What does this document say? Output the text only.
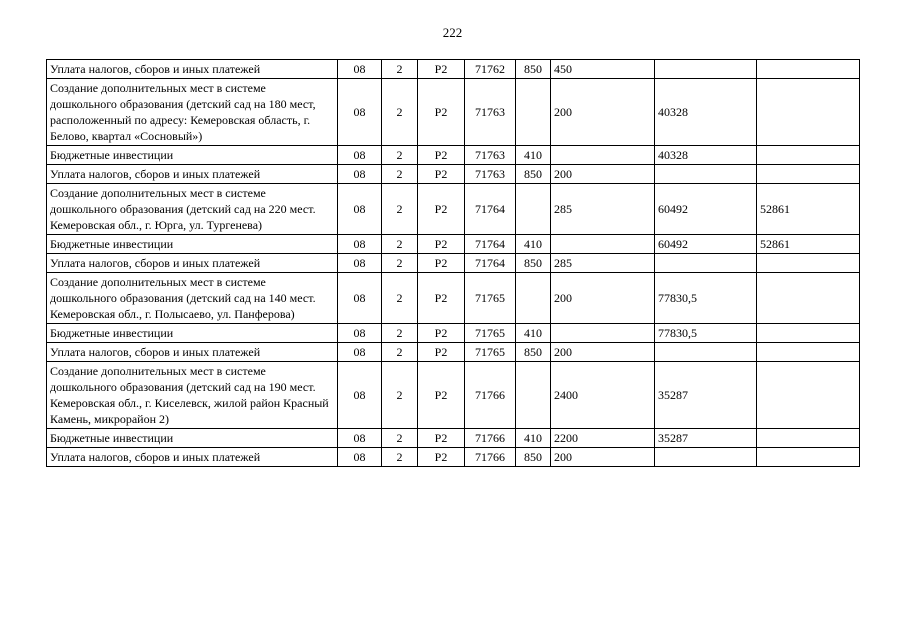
222
Уплата налогов, сборов и иных платежей	08	2	P2	71762	850	450		
Создание дополнительных мест в системе дошкольного образования (детский сад на 180 мест, расположенный по адресу: Кемеровская область, г. Белово, квартал «Сосновый»)	08	2	P2	71763		200	40328	
Бюджетные инвестиции	08	2	P2	71763	410		40328	
Уплата налогов, сборов и иных платежей	08	2	P2	71763	850	200		
Создание дополнительных мест в системе дошкольного образования (детский сад на 220 мест. Кемеровская обл., г. Юрга, ул. Тургенева)	08	2	P2	71764		285	60492	52861
Бюджетные инвестиции	08	2	P2	71764	410		60492	52861
Уплата налогов, сборов и иных платежей	08	2	P2	71764	850	285		
Создание дополнительных мест в системе дошкольного образования (детский сад на 140 мест. Кемеровская обл., г. Полысаево, ул. Панферова)	08	2	P2	71765		200	77830,5	
Бюджетные инвестиции	08	2	P2	71765	410		77830,5	
Уплата налогов, сборов и иных платежей	08	2	P2	71765	850	200		
Создание дополнительных мест в системе дошкольного образования (детский сад на 190 мест. Кемеровская обл., г. Киселевск, жилой район Красный Камень, микрорайон 2)	08	2	P2	71766		2400	35287	
Бюджетные инвестиции	08	2	P2	71766	410	2200	35287	
Уплата налогов, сборов и иных платежей	08	2	P2	71766	850	200		
